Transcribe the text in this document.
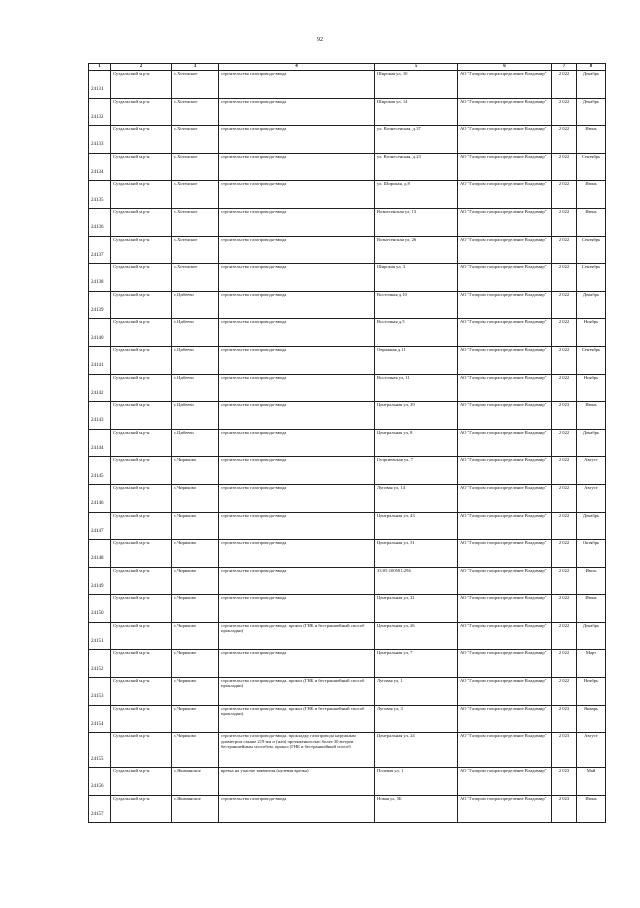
92
1	2	3	4	5	6	7	8
24131	Суздальский м.р-н	с.Хотенское	строительство газопровода-ввода	Широкая ул, 10	АО "Газпром газораспределение Владимир"	2 022	Декабрь
24132	Суздальский м.р-н	с.Хотенское	строительство газопровода-ввода	Широкая ул, 14	АО "Газпром газораспределение Владимир"	2 022	Декабрь
24133	Суздальский м.р-н	с.Хотенское	строительство газопровода-ввода	ул. Вознесенская, д.37	АО "Газпром газораспределение Владимир"	2 022	Июнь
24134	Суздальский м.р-н	с.Хотенское	строительство газопровода-ввода	ул. Вознесенская, д.23	АО "Газпром газораспределение Владимир"	2 022	Сентябрь
24135	Суздальский м.р-н	с.Хотенское	строительство газопровода-ввода	ул. Широкая, д.8	АО "Газпром газораспределение Владимир"	2 022	Июнь
24136	Суздальский м.р-н	с.Хотенское	строительство газопровода-ввода	Вознесенская ул, 13	АО "Газпром газораспределение Владимир"	2 022	Июнь
24137	Суздальский м.р-н	с.Хотенское	строительство газопровода-ввода	Вознесенская ул, 26	АО "Газпром газораспределение Владимир"	2 022	Сентябрь
24138	Суздальский м.р-н	с.Хотенское	строительство газопровода-ввода	Широкая ул, 3	АО "Газпром газораспределение Владимир"	2 022	Сентябрь
24139	Суздальский м.р-н	с.Цибеево	строительство газопровода-ввода	Восточная д.10	АО "Газпром газораспределение Владимир"	2 022	Декабрь
24140	Суздальский м.р-н	с.Цибеево	строительство газопровода-ввода	Восточная д.5	АО "Газпром газораспределение Владимир"	2 022	Ноябрь
24141	Суздальский м.р-н	с.Цибеево	строительство газопровода-ввода	Овражная д.11	АО "Газпром газораспределение Владимир"	2 022	Сентябрь
24142	Суздальский м.р-н	с.Цибеево	строительство газопровода-ввода	Восточная ул, 11	АО "Газпром газораспределение Владимир"	2 022	Ноябрь
24143	Суздальский м.р-н	с.Цибеево	строительство газопровода-ввода	Центральная ул, 29	АО "Газпром газораспределение Владимир"	2 023	Июнь
24144	Суздальский м.р-н	с.Цибеево	строительство газопровода-ввода	Центральная ул, 8	АО "Газпром газораспределение Владимир"	2 022	Декабрь
24145	Суздальский м.р-н	с.Чириково	строительство газопровода-ввода	Георгиевская ул, 7	АО "Газпром газораспределение Владимир"	2 022	Август
24146	Суздальский м.р-н	с.Чириково	строительство газопровода-ввода	Луговая ул, 14	АО "Газпром газораспределение Владимир"	2 022	Август
24147	Суздальский м.р-н	с.Чириково	строительство газопровода-ввода	Центральная ул, 43	АО "Газпром газораспределение Владимир"	2 022	Декабрь
24148	Суздальский м.р-н	с.Чириково	строительство газопровода-ввода	Центральная ул, 51	АО "Газпром газораспределение Владимир"	2 022	Октябрь
24149	Суздальский м.р-н	с.Чириково	строительство газопровода-ввода	33:05:100501:294	АО "Газпром газораспределение Владимир"	2 022	Июль
24150	Суздальский м.р-н	с.Чириково	строительство газопровода-ввода	Центральная ул, 21	АО "Газпром газораспределение Владимир"	2 022	Июнь
24151	Суздальский м.р-н	с.Чириково	строительство газопровода-ввода, прокол (ГНБ и бестраншейный способ прокладки)	Центральная ул, 26	АО "Газпром газораспределение Владимир"	2 022	Декабрь
24152	Суздальский м.р-н	с.Чириково	строительство газопровода-ввода	Центральная ул, 7	АО "Газпром газораспределение Владимир"	2 022	Март
24153	Суздальский м.р-н	с.Чириково	строительство газопровода-ввода, прокол (ГНБ и бестраншейный способ прокладки)	Луговая ул, 1	АО "Газпром газораспределение Владимир"	2 022	Ноябрь
24154	Суздальский м.р-н	с.Чириково	строительство газопровода-ввода, прокол (ГНБ и бестраншейный способ прокладки)	Луговая ул, 3	АО "Газпром газораспределение Владимир"	2 023	Январь
24155	Суздальский м.р-н	с.Чириково	строительство газопровода-ввода, прокладку газопровода наружным диаметром свыше 219 мм и (или) протяженностью более 30 метров бестраншейным способом, прокол (ГНБ и бестраншейный способ	Центральная ул, 24	АО "Газпром газораспределение Владимир"	2 023	Август
24156	Суздальский м.р-н	с.Якиманское	врезка на участке заявителя (нулевая врезка)	Полевая ул, 1	АО "Газпром газораспределение Владимир"	2 023	Май
24157	Суздальский м.р-н	с.Якиманское	строительство газопровода-ввода	Новая ул, 5Б	АО "Газпром газораспределение Владимир"	2 023	Июнь
